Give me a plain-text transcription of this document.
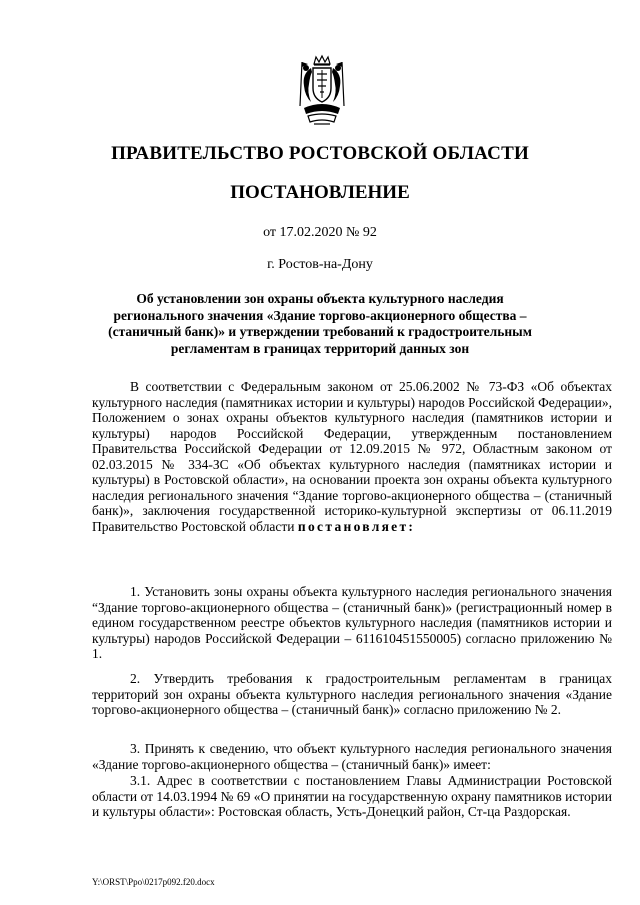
ПРАВИТЕЛЬСТВО РОСТОВСКОЙ ОБЛАСТИ
ПОСТАНОВЛЕНИЕ
от 17.02.2020 № 92
г. Ростов-на-Дону
Об установлении зон охраны объекта культурного наследия регионального значения «Здание торгово-акционерного общества – (станичный банк)» и утверждении требований к градостроительным регламентам в границах территорий данных зон

В соответствии с Федеральным законом от 25.06.2002 № 73-ФЗ «Об объектах культурного наследия (памятниках истории и культуры) народов Российской Федерации», Положением о зонах охраны объектов культурного наследия (памятников истории и культуры) народов Российской Федерации, утвержденным постановлением Правительства Российской Федерации от 12.09.2015 № 972, Областным законом от 02.03.2015 № 334-ЗС «Об объектах культурного наследия (памятниках истории и культуры) в Ростовской области», на основании проекта зон охраны объекта культурного наследия регионального значения “Здание торгово-акционерного общества – (станичный банк)», заключения государственной историко-культурной экспертизы от 06.11.2019 Правительство Ростовской области постановляет:

1. Установить зоны охраны объекта культурного наследия регионального значения “Здание торгово-акционерного общества – (станичный банк)» (регистрационный номер в едином государственном реестре объектов культурного наследия (памятников истории и культуры) народов Российской Федерации – 611610451550005) согласно приложению № 1.

2. Утвердить требования к градостроительным регламентам в границах территорий зон охраны объекта культурного наследия регионального значения «Здание торгово-акционерного общества – (станичный банк)» согласно приложению № 2.

3. Принять к сведению, что объект культурного наследия регионального значения «Здание торгово-акционерного общества – (станичный банк)» имеет:

3.1. Адрес в соответствии с постановлением Главы Администрации Ростовской области от 14.03.1994 № 69 «О принятии на государственную охрану памятников истории и культуры области»: Ростовская область, Усть-Донецкий район, Ст-ца Раздорская.

Y:\ORST\Ppo\0217p092.f20.docx
